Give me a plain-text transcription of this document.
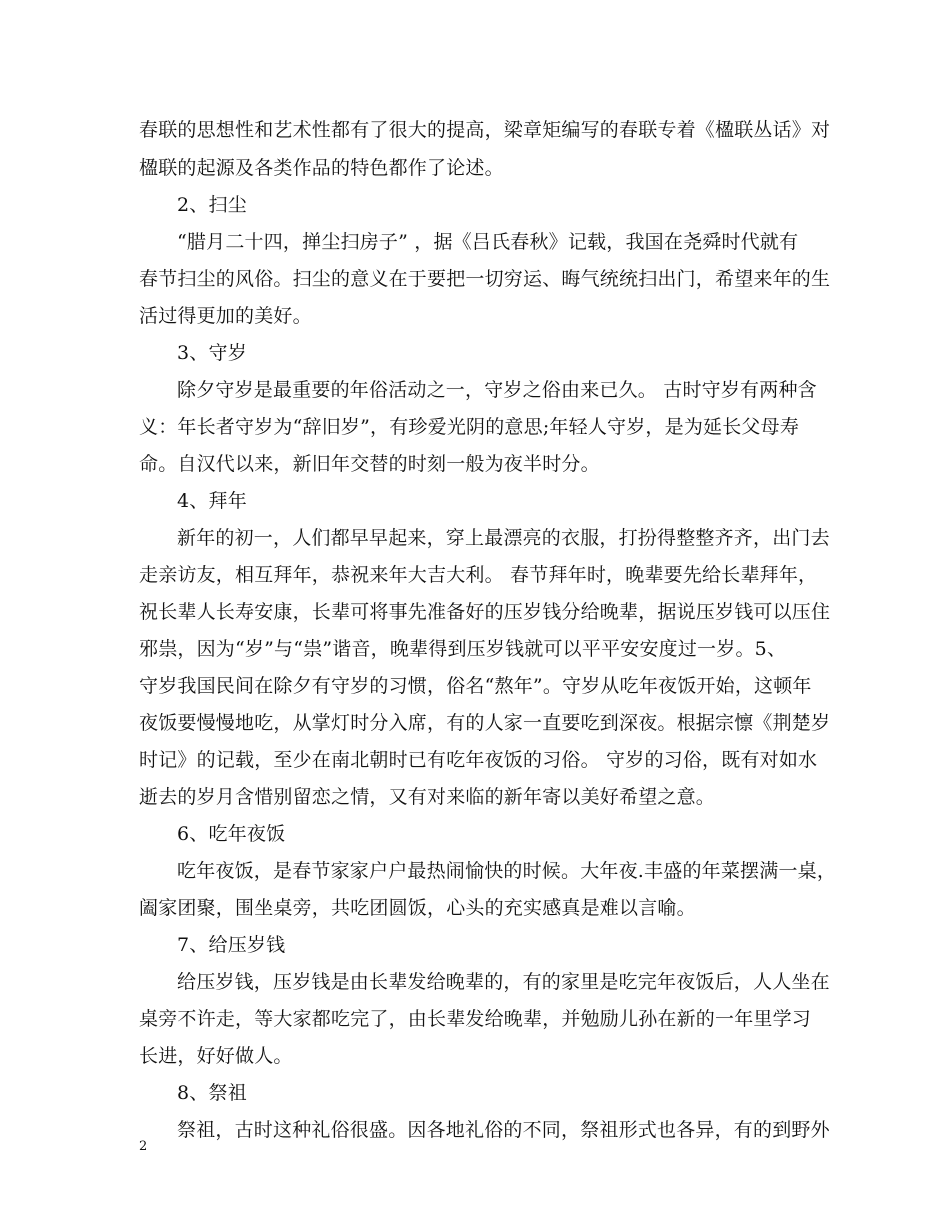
春联的思想性和艺术性都有了很大的提高，梁章矩编写的春联专着《楹联丛话》对
楹联的起源及各类作品的特色都作了论述。
2、扫尘
“腊月二十四，掸尘扫房子” ，据《吕氏春秋》记载，我国在尧舜时代就有
春节扫尘的风俗。扫尘的意义在于要把一切穷运、晦气统统扫出门，希望来年的生
活过得更加的美好。
3、守岁
除夕守岁是最重要的年俗活动之一，守岁之俗由来已久。 古时守岁有两种含
义：年长者守岁为“辞旧岁”，有珍爱光阴的意思;年轻人守岁，是为延长父母寿
命。自汉代以来，新旧年交替的时刻一般为夜半时分。
4、拜年
新年的初一，人们都早早起来，穿上最漂亮的衣服，打扮得整整齐齐，出门去
走亲访友，相互拜年，恭祝来年大吉大利。 春节拜年时，晚辈要先给长辈拜年，
祝长辈人长寿安康，长辈可将事先准备好的压岁钱分给晚辈，据说压岁钱可以压住
邪祟，因为“岁”与“祟”谐音，晚辈得到压岁钱就可以平平安安度过一岁。5、
守岁我国民间在除夕有守岁的习惯，俗名“熬年”。守岁从吃年夜饭开始，这顿年
夜饭要慢慢地吃，从掌灯时分入席，有的人家一直要吃到深夜。根据宗懔《荆楚岁
时记》的记载，至少在南北朝时已有吃年夜饭的习俗。 守岁的习俗，既有对如水
逝去的岁月含惜别留恋之情，又有对来临的新年寄以美好希望之意。
6、吃年夜饭
吃年夜饭，是春节家家户户最热闹愉快的时候。大年夜.丰盛的年菜摆满一桌，
阖家团聚，围坐桌旁，共吃团圆饭，心头的充实感真是难以言喻。
7、给压岁钱
给压岁钱，压岁钱是由长辈发给晚辈的，有的家里是吃完年夜饭后，人人坐在
桌旁不许走，等大家都吃完了，由长辈发给晚辈，并勉励儿孙在新的一年里学习
长进，好好做人。
8、祭祖
祭祖，古时这种礼俗很盛。因各地礼俗的不同，祭祖形式也各异，有的到野外
2
